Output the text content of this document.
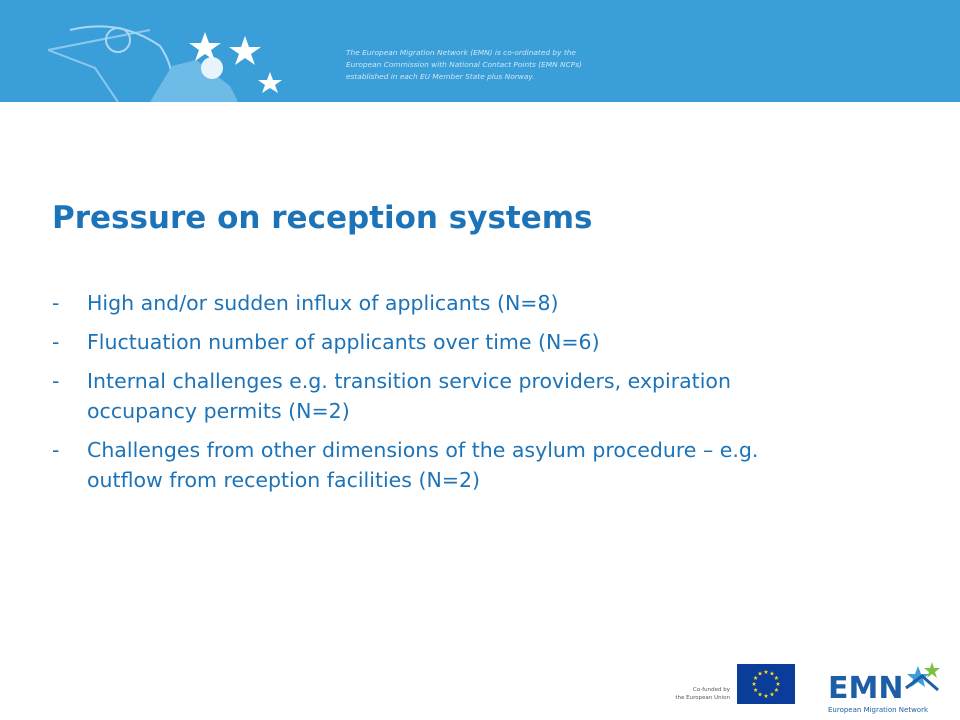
The European Migration Network (EMN) is co-ordinated by the
European Commission with National Contact Points (EMN NCPs)
established in each EU Member State plus Norway.
Pressure on reception systems
- High and/or sudden influx of applicants (N=8)
- Fluctuation number of applicants over time (N=6)
- Internal challenges e.g. transition service providers, expiration
occupancy permits (N=2)
- Challenges from other dimensions of the asylum procedure – e.g.
outflow from reception facilities (N=2)
Co-funded by
the European Union	EMN
European Migration Network
